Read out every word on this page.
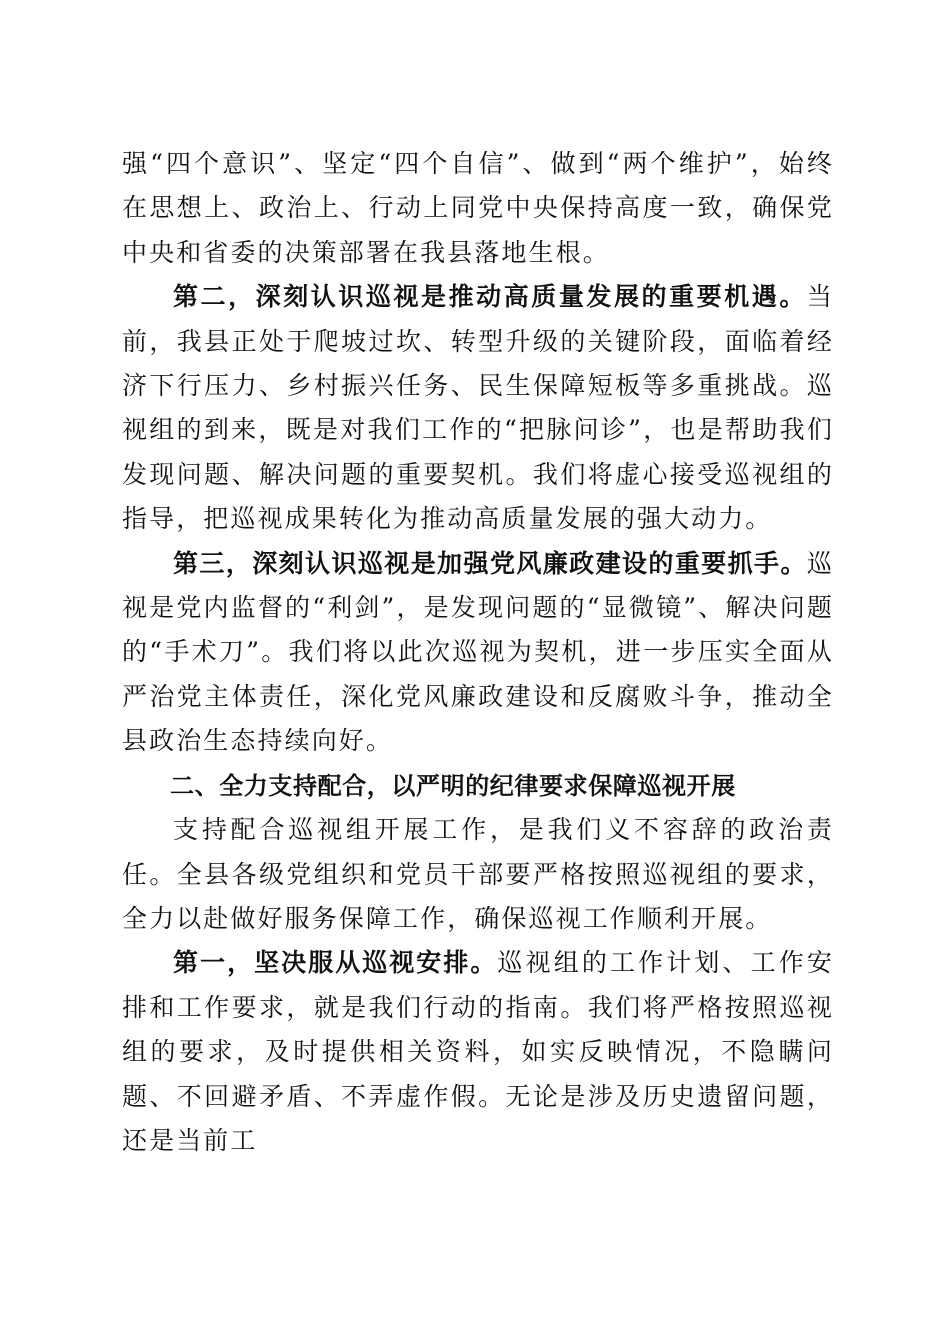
强“四个意识”、坚定“四个自信”、做到“两个维护”，始终在思想上、政治上、行动上同党中央保持高度一致，确保党中央和省委的决策部署在我县落地生根。

第二，深刻认识巡视是推动高质量发展的重要机遇。当前，我县正处于爬坡过坎、转型升级的关键阶段，面临着经济下行压力、乡村振兴任务、民生保障短板等多重挑战。巡视组的到来，既是对我们工作的“把脉问诊”，也是帮助我们发现问题、解决问题的重要契机。我们将虚心接受巡视组的指导，把巡视成果转化为推动高质量发展的强大动力。

第三，深刻认识巡视是加强党风廉政建设的重要抓手。巡视是党内监督的“利剑”，是发现问题的“显微镜”、解决问题的“手术刀”。我们将以此次巡视为契机，进一步压实全面从严治党主体责任，深化党风廉政建设和反腐败斗争，推动全县政治生态持续向好。

二、全力支持配合，以严明的纪律要求保障巡视开展

支持配合巡视组开展工作，是我们义不容辞的政治责任。全县各级党组织和党员干部要严格按照巡视组的要求，全力以赴做好服务保障工作，确保巡视工作顺利开展。

第一，坚决服从巡视安排。巡视组的工作计划、工作安排和工作要求，就是我们行动的指南。我们将严格按照巡视组的要求，及时提供相关资料，如实反映情况，不隐瞒问题、不回避矛盾、不弄虚作假。无论是涉及历史遗留问题，还是当前工
